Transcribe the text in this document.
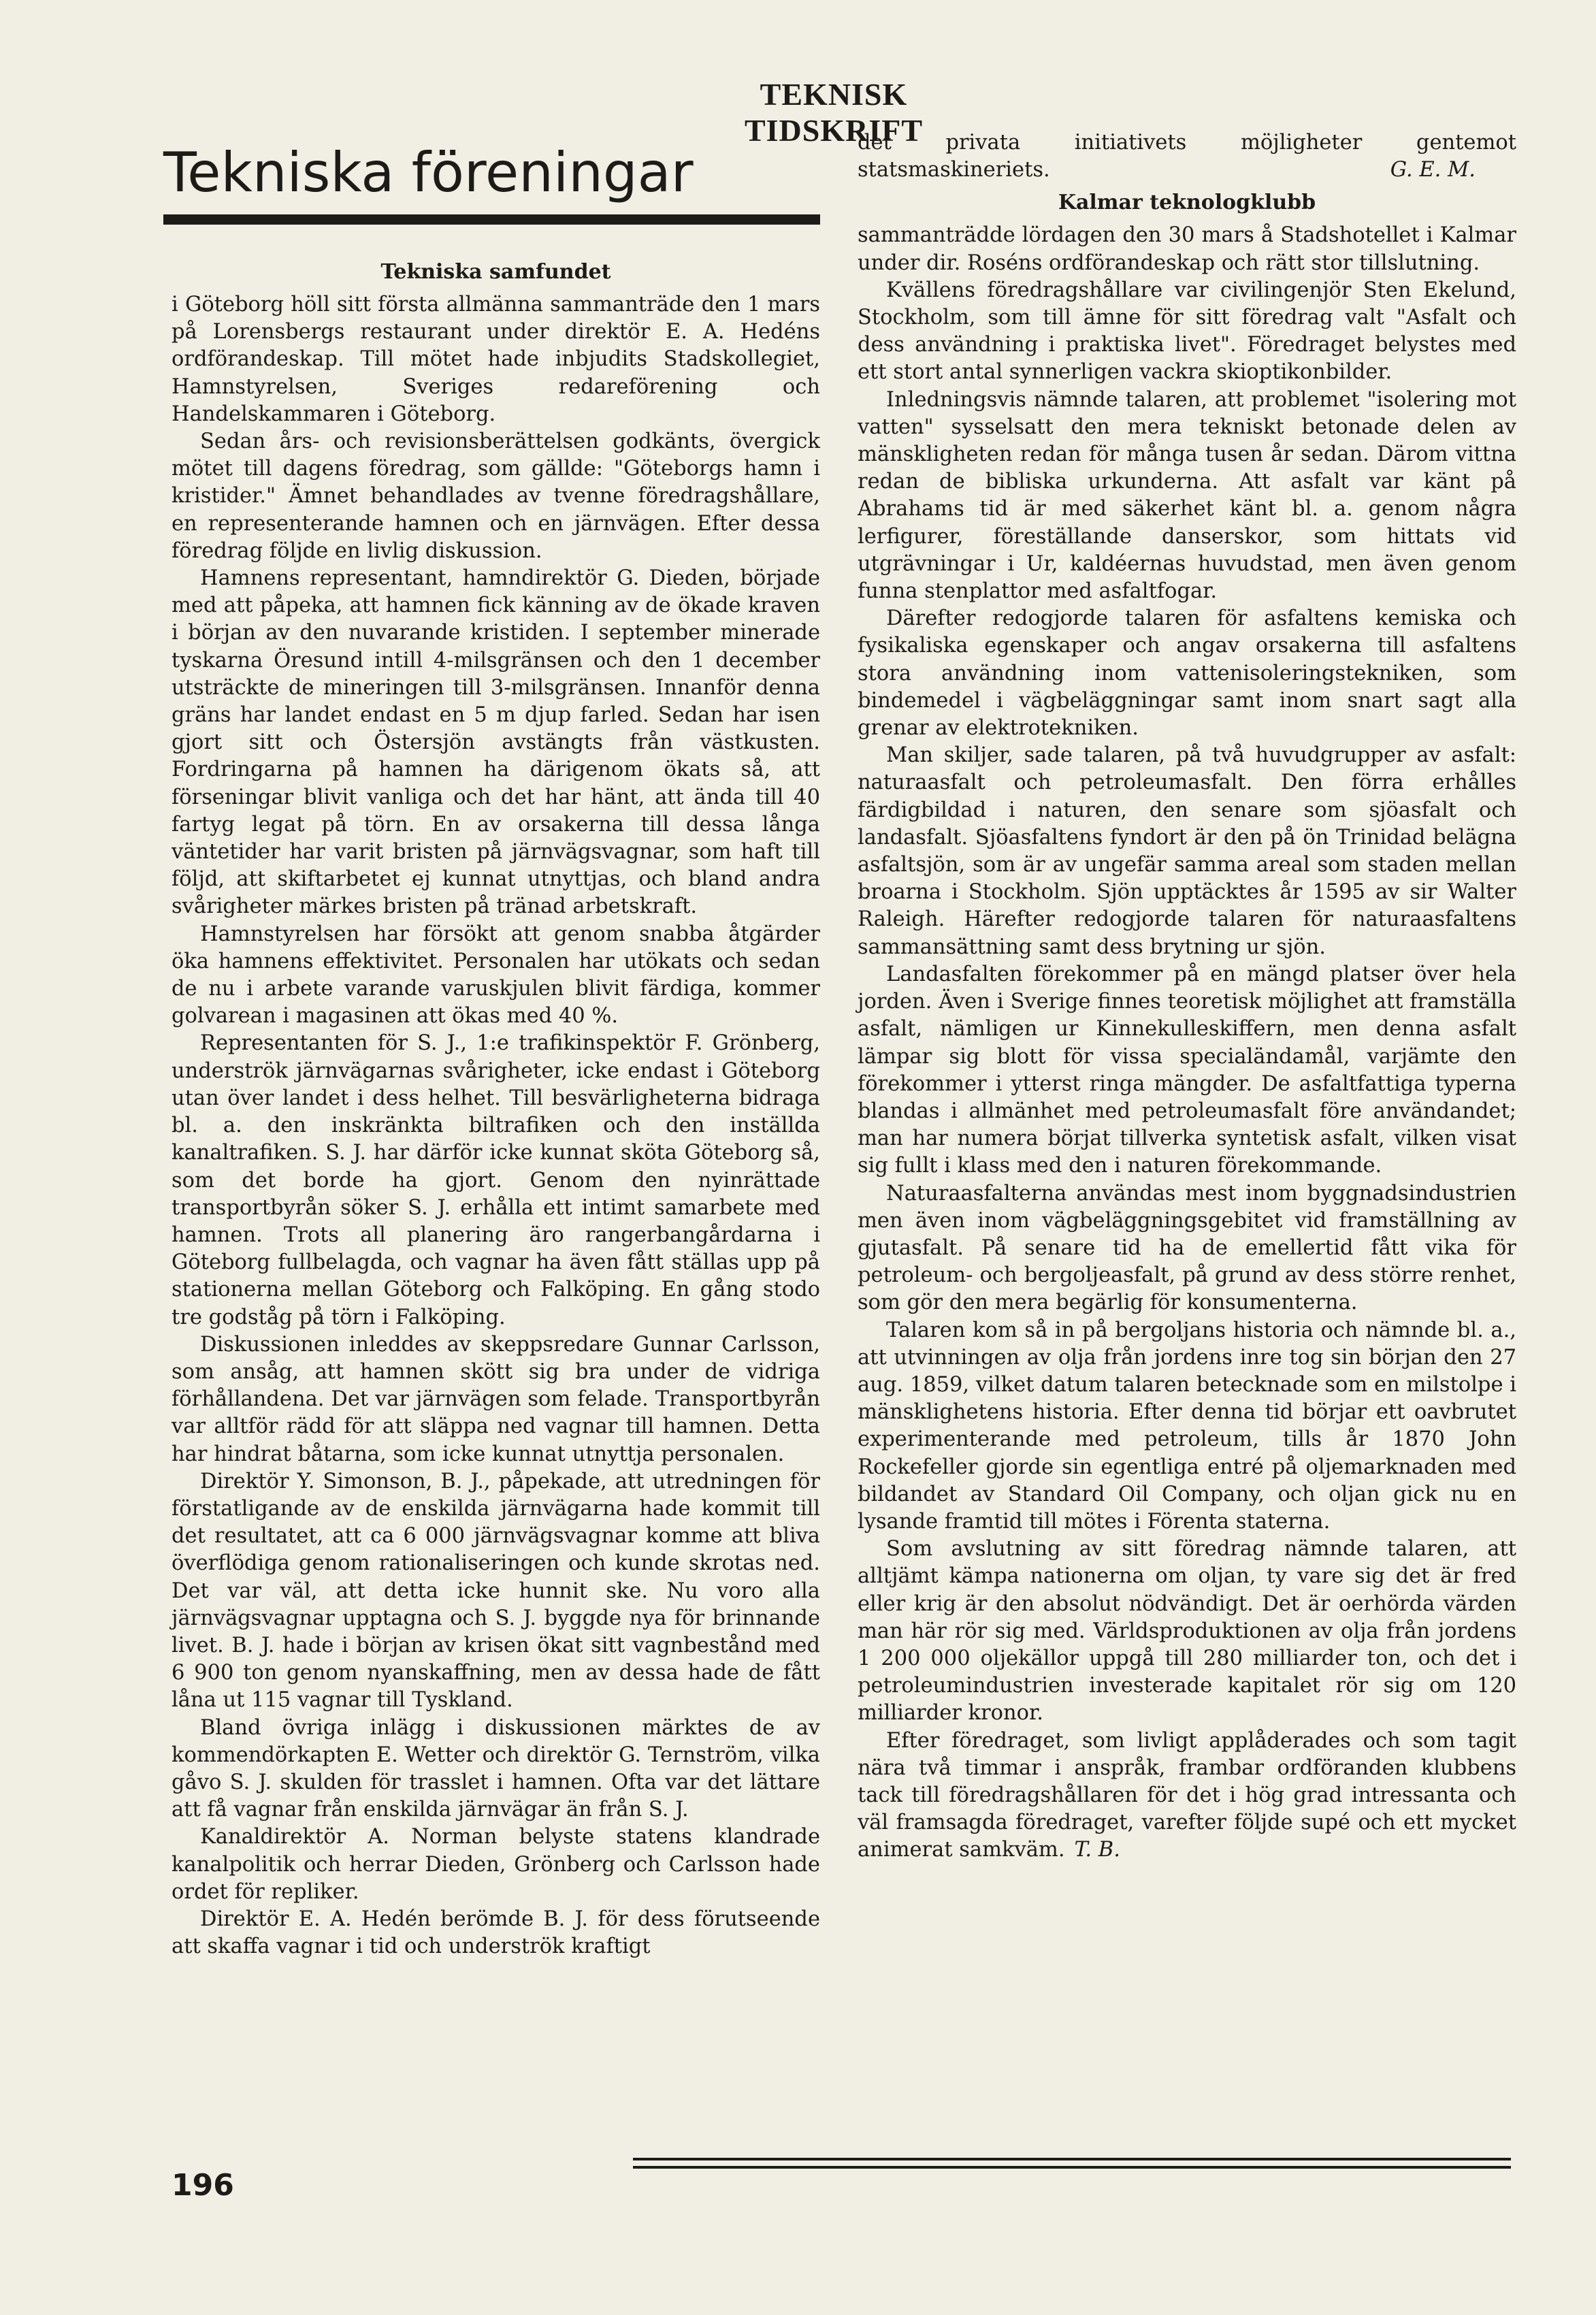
TEKNISK TIDSKRIFT
Tekniska föreningar
Tekniska samfundet

i Göteborg höll sitt första allmänna sammanträde den 1 mars på Lorensbergs restaurant under direktör E. A. Hedéns ordförandeskap. Till mötet hade inbjudits Stadskollegiet, Hamnstyrelsen, Sveriges redareförening och Handelskammaren i Göteborg.

Sedan års- och revisionsberättelsen godkänts, övergick mötet till dagens föredrag, som gällde: "Göteborgs hamn i kristider." Ämnet behandlades av tvenne föredragshållare, en representerande hamnen och en järnvägen. Efter dessa föredrag följde en livlig diskussion.

Hamnens representant, hamndirektör G. Dieden, började med att påpeka, att hamnen fick känning av de ökade kraven i början av den nuvarande kristiden. I september minerade tyskarna Öresund intill 4-milsgränsen och den 1 december utsträckte de mineringen till 3-milsgränsen. Innanför denna gräns har landet endast en 5 m djup farled. Sedan har isen gjort sitt och Östersjön avstängts från västkusten. Fordringarna på hamnen ha därigenom ökats så, att förseningar blivit vanliga och det har hänt, att ända till 40 fartyg legat på törn. En av orsakerna till dessa långa väntetider har varit bristen på järnvägsvagnar, som haft till följd, att skiftarbetet ej kunnat utnyttjas, och bland andra svårigheter märkes bristen på tränad arbetskraft.

Hamnstyrelsen har försökt att genom snabba åtgärder öka hamnens effektivitet. Personalen har utökats och sedan de nu i arbete varande varuskjulen blivit färdiga, kommer golvarean i magasinen att ökas med 40 %.

Representanten för S. J., 1:e trafikinspektör F. Grönberg, underströk järnvägarnas svårigheter, icke endast i Göteborg utan över landet i dess helhet. Till besvärligheterna bidraga bl. a. den inskränkta biltrafiken och den inställda kanaltrafiken. S. J. har därför icke kunnat sköta Göteborg så, som det borde ha gjort. Genom den nyinrättade transportbyrån söker S. J. erhålla ett intimt samarbete med hamnen. Trots all planering äro rangerbangårdarna i Göteborg fullbelagda, och vagnar ha även fått ställas upp på stationerna mellan Göteborg och Falköping. En gång stodo tre godståg på törn i Falköping.

Diskussionen inleddes av skeppsredare Gunnar Carlsson, som ansåg, att hamnen skött sig bra under de vidriga förhållandena. Det var järnvägen som felade. Transportbyrån var alltför rädd för att släppa ned vagnar till hamnen. Detta har hindrat båtarna, som icke kunnat utnyttja personalen.

Direktör Y. Simonson, B. J., påpekade, att utredningen för förstatligande av de enskilda järnvägarna hade kommit till det resultatet, att ca 6 000 järnvägsvagnar komme att bliva överflödiga genom rationaliseringen och kunde skrotas ned. Det var väl, att detta icke hunnit ske. Nu voro alla järnvägsvagnar upptagna och S. J. byggde nya för brinnande livet. B. J. hade i början av krisen ökat sitt vagnbestånd med 6 900 ton genom nyanskaffning, men av dessa hade de fått låna ut 115 vagnar till Tyskland.

Bland övriga inlägg i diskussionen märktes de av kommendörkapten E. Wetter och direktör G. Ternström, vilka gåvo S. J. skulden för trasslet i hamnen. Ofta var det lättare att få vagnar från enskilda järnvägar än från S. J.

Kanaldirektör A. Norman belyste statens klandrade kanalpolitik och herrar Dieden, Grönberg och Carlsson hade ordet för repliker.

Direktör E. A. Hedén berömde B. J. för dess förutseende att skaffa vagnar i tid och underströk kraftigt

det privata initiativets möjligheter gentemot statsmaskineriets.	G. E. M.

Kalmar teknologklubb

sammanträdde lördagen den 30 mars å Stadshotellet i Kalmar under dir. Roséns ordförandeskap och rätt stor tillslutning.

Kvällens föredragshållare var civilingenjör Sten Ekelund, Stockholm, som till ämne för sitt föredrag valt "Asfalt och dess användning i praktiska livet". Föredraget belystes med ett stort antal synnerligen vackra skioptikonbilder.

Inledningsvis nämnde talaren, att problemet "isolering mot vatten" sysselsatt den mera tekniskt betonade delen av mänskligheten redan för många tusen år sedan. Därom vittna redan de bibliska urkunderna. Att asfalt var känt på Abrahams tid är med säkerhet känt bl. a. genom några lerfigurer, föreställande danserskor, som hittats vid utgrävningar i Ur, kaldéernas huvudstad, men även genom funna stenplattor med asfaltfogar.

Därefter redogjorde talaren för asfaltens kemiska och fysikaliska egenskaper och angav orsakerna till asfaltens stora användning inom vattenisoleringstekniken, som bindemedel i vägbeläggningar samt inom snart sagt alla grenar av elektrotekniken.

Man skiljer, sade talaren, på två huvudgrupper av asfalt: naturaasfalt och petroleumasfalt. Den förra erhålles färdigbildad i naturen, den senare som sjöasfalt och landasfalt. Sjöasfaltens fyndort är den på ön Trinidad belägna asfaltsjön, som är av ungefär samma areal som staden mellan broarna i Stockholm. Sjön upptäcktes år 1595 av sir Walter Raleigh. Härefter redogjorde talaren för naturaasfaltens sammansättning samt dess brytning ur sjön.

Landasfalten förekommer på en mängd platser över hela jorden. Även i Sverige finnes teoretisk möjlighet att framställa asfalt, nämligen ur Kinnekulleskiffern, men denna asfalt lämpar sig blott för vissa specialändamål, varjämte den förekommer i ytterst ringa mängder. De asfaltfattiga typerna blandas i allmänhet med petroleumasfalt före användandet; man har numera börjat tillverka syntetisk asfalt, vilken visat sig fullt i klass med den i naturen förekommande.

Naturaasfalterna användas mest inom byggnadsindustrien men även inom vägbeläggningsgebitet vid framställning av gjutasfalt. På senare tid ha de emellertid fått vika för petroleum- och bergoljeasfalt, på grund av dess större renhet, som gör den mera begärlig för konsumenterna.

Talaren kom så in på bergoljans historia och nämnde bl. a., att utvinningen av olja från jordens inre tog sin början den 27 aug. 1859, vilket datum talaren betecknade som en milstolpe i mänsklighetens historia. Efter denna tid börjar ett oavbrutet experimenterande med petroleum, tills år 1870 John Rockefeller gjorde sin egentliga entré på oljemarknaden med bildandet av Standard Oil Company, och oljan gick nu en lysande framtid till mötes i Förenta staterna.

Som avslutning av sitt föredrag nämnde talaren, att alltjämt kämpa nationerna om oljan, ty vare sig det är fred eller krig är den absolut nödvändigt. Det är oerhörda värden man här rör sig med. Världsproduktionen av olja från jordens 1 200 000 oljekällor uppgå till 280 milliarder ton, och det i petroleumindustrien investerade kapitalet rör sig om 120 milliarder kronor.

Efter föredraget, som livligt applåderades och som tagit nära två timmar i anspråk, frambar ordföranden klubbens tack till föredragshållaren för det i hög grad intressanta och väl framsagda föredraget, varefter följde supé och ett mycket animerat samkväm. T. B.

196
